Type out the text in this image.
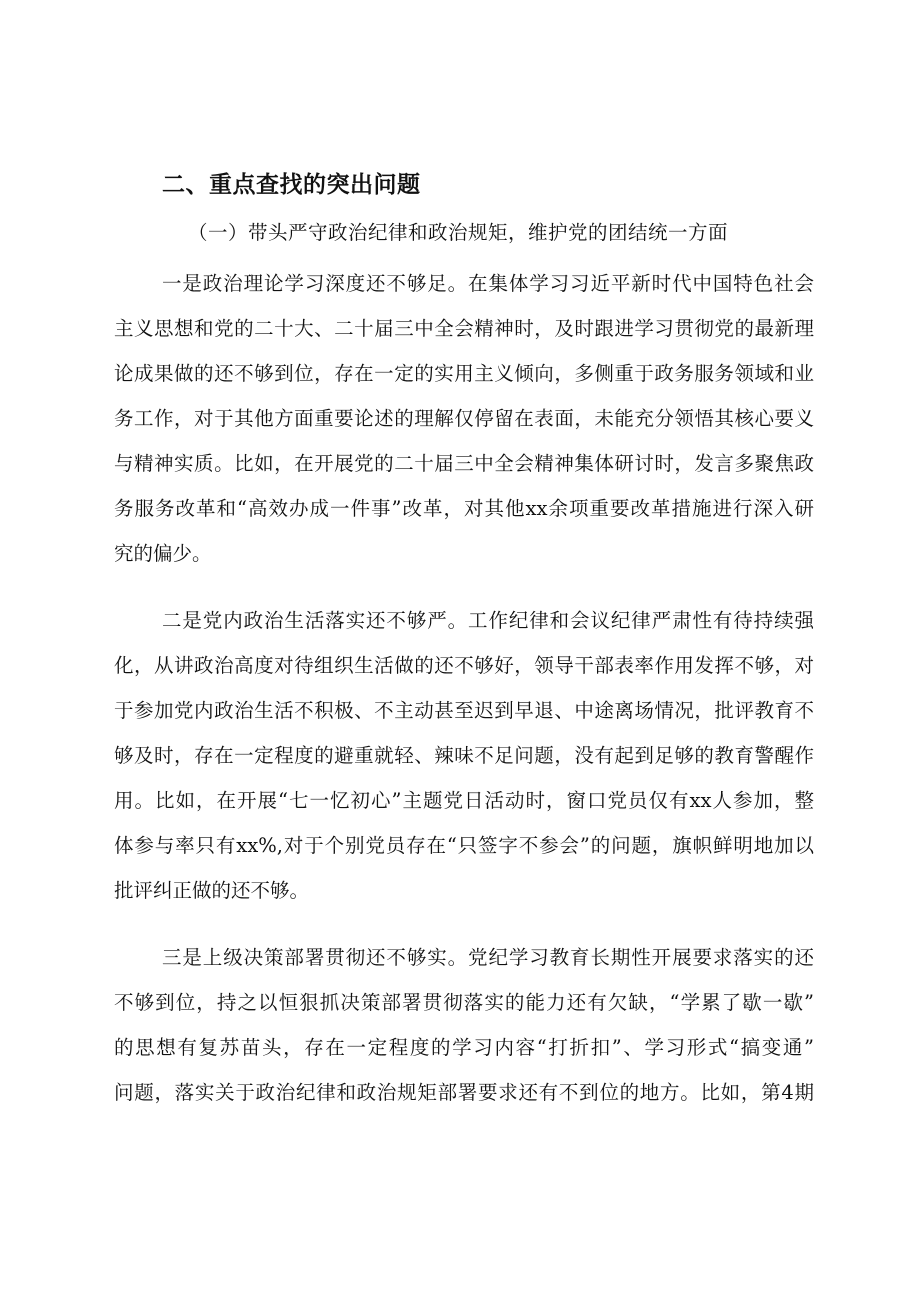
二、重点查找的突出问题

（一）带头严守政治纪律和政治规矩，维护党的团结统一方面

一是政治理论学习深度还不够足。在集体学习习近平新时代中国特色社会
主义思想和党的二十大、二十届三中全会精神时，及时跟进学习贯彻党的最新理
论成果做的还不够到位，存在一定的实用主义倾向，多侧重于政务服务领域和业
务工作，对于其他方面重要论述的理解仅停留在表面，未能充分领悟其核心要义
与精神实质。比如，在开展党的二十届三中全会精神集体研讨时，发言多聚焦政
务服务改革和“高效办成一件事”改革，对其他xx余项重要改革措施进行深入研
究的偏少。
二是党内政治生活落实还不够严。工作纪律和会议纪律严肃性有待持续强
化，从讲政治高度对待组织生活做的还不够好，领导干部表率作用发挥不够，对
于参加党内政治生活不积极、不主动甚至迟到早退、中途离场情况，批评教育不
够及时，存在一定程度的避重就轻、辣味不足问题，没有起到足够的教育警醒作
用。比如，在开展“七一忆初心”主题党日活动时，窗口党员仅有xx人参加，整
体参与率只有xx%,对于个别党员存在“只签字不参会”的问题，旗帜鲜明地加以
批评纠正做的还不够。
三是上级决策部署贯彻还不够实。党纪学习教育长期性开展要求落实的还
不够到位，持之以恒狠抓决策部署贯彻落实的能力还有欠缺，“学累了歇一歇”
的思想有复苏苗头，存在一定程度的学习内容“打折扣”、学习形式“搞变通”
问题，落实关于政治纪律和政治规矩部署要求还有不到位的地方。比如，第4期
